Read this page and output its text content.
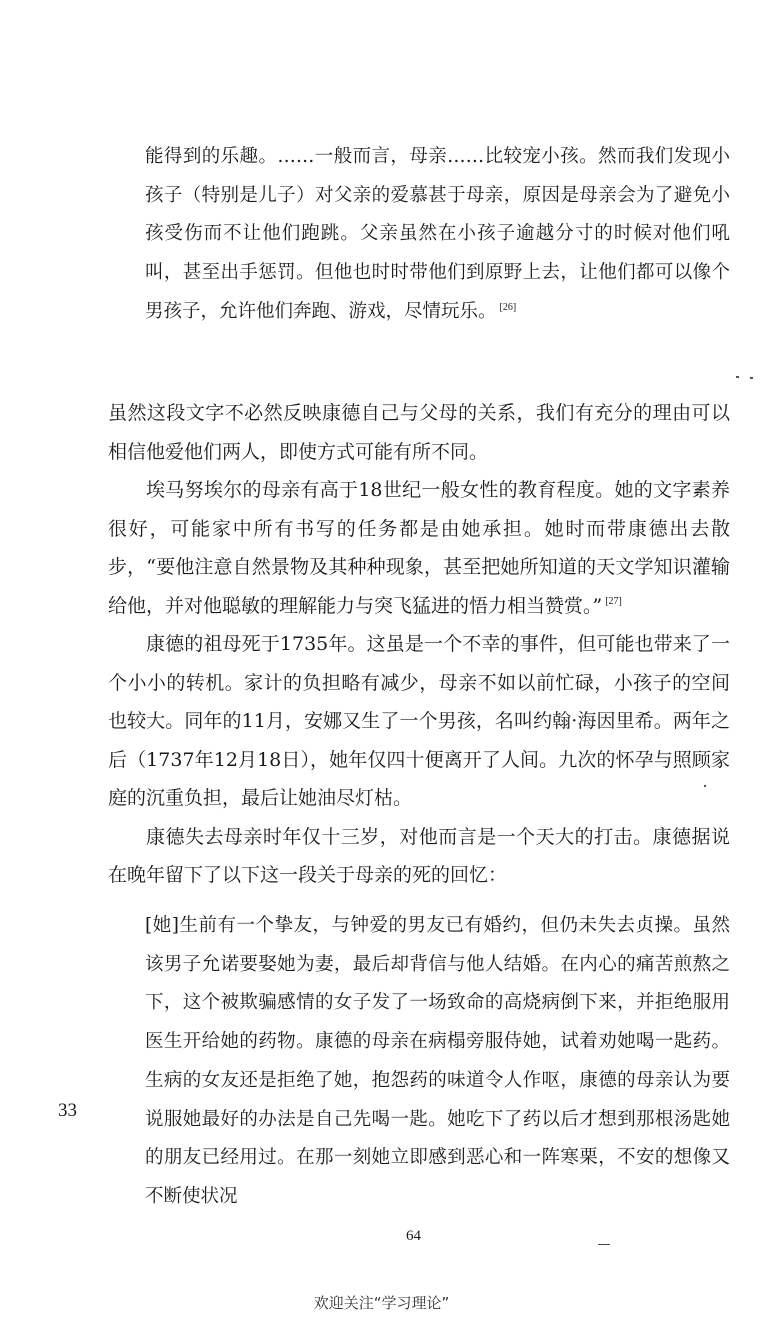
能得到的乐趣。……一般而言，母亲……比较宠小孩。然而我们发现小孩子（特别是儿子）对父亲的爱慕甚于母亲，原因是母亲会为了避免小孩受伤而不让他们跑跳。父亲虽然在小孩子逾越分寸的时候对他们吼叫，甚至出手惩罚。但他也时时带他们到原野上去，让他们都可以像个男孩子，允许他们奔跑、游戏，尽情玩乐。 [26]

虽然这段文字不必然反映康德自己与父母的关系，我们有充分的理由可以相信他爱他们两人，即使方式可能有所不同。

埃马努埃尔的母亲有高于18世纪一般女性的教育程度。她的文字素养很好，可能家中所有书写的任务都是由她承担。她时而带康德出去散步，“要他注意自然景物及其种种现象，甚至把她所知道的天文学知识灌输给他，并对他聪敏的理解能力与突飞猛进的悟力相当赞赏。” [27]

康德的祖母死于1735年。这虽是一个不幸的事件，但可能也带来了一个小小的转机。家计的负担略有减少，母亲不如以前忙碌，小孩子的空间也较大。同年的11月，安娜又生了一个男孩，名叫约翰·海因里希。两年之后（1737年12月18日），她年仅四十便离开了人间。九次的怀孕与照顾家庭的沉重负担，最后让她油尽灯枯。

康德失去母亲时年仅十三岁，对他而言是一个天大的打击。康德据说在晚年留下了以下这一段关于母亲的死的回忆：

[她]生前有一个挚友，与钟爱的男友已有婚约，但仍未失去贞操。虽然该男子允诺要娶她为妻，最后却背信与他人结婚。在内心的痛苦煎熬之下，这个被欺骗感情的女子发了一场致命的高烧病倒下来，并拒绝服用医生开给她的药物。康德的母亲在病榻旁服侍她，试着劝她喝一匙药。生病的女友还是拒绝了她，抱怨药的味道令人作呕，康德的母亲认为要说服她最好的办法是自己先喝一匙。她吃下了药以后才想到那根汤匙她的朋友已经用过。在那一刻她立即感到恶心和一阵寒栗，不安的想像又不断使状况
33
64
欢迎关注“学习理论”
